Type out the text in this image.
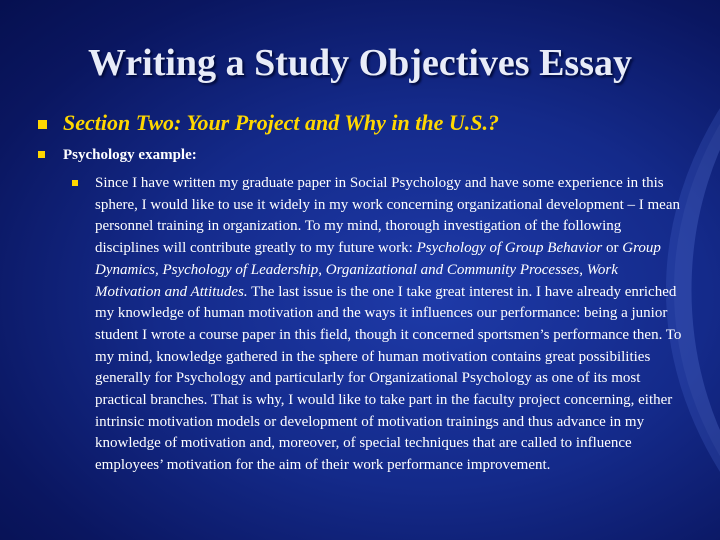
Writing a Study Objectives Essay
Section Two: Your Project and Why in the U.S.?
Psychology example:
Since I have written my graduate paper in Social Psychology and have some experience in this sphere, I would like to use it widely in my work concerning organizational development – I mean personnel training in organization. To my mind, thorough investigation of the following disciplines will contribute greatly to my future work: Psychology of Group Behavior or Group Dynamics, Psychology of Leadership, Organizational and Community Processes, Work Motivation and Attitudes. The last issue is the one I take great interest in. I have already enriched my knowledge of human motivation and the ways it influences our performance: being a junior student I wrote a course paper in this field, though it concerned sportsmen’s performance then. To my mind, knowledge gathered in the sphere of human motivation contains great possibilities generally for Psychology and particularly for Organizational Psychology as one of its most practical branches. That is why, I would like to take part in the faculty project concerning, either intrinsic motivation models or development of motivation trainings and thus advance in my knowledge of motivation and, moreover, of special techniques that are called to influence employees’ motivation for the aim of their work performance improvement.
